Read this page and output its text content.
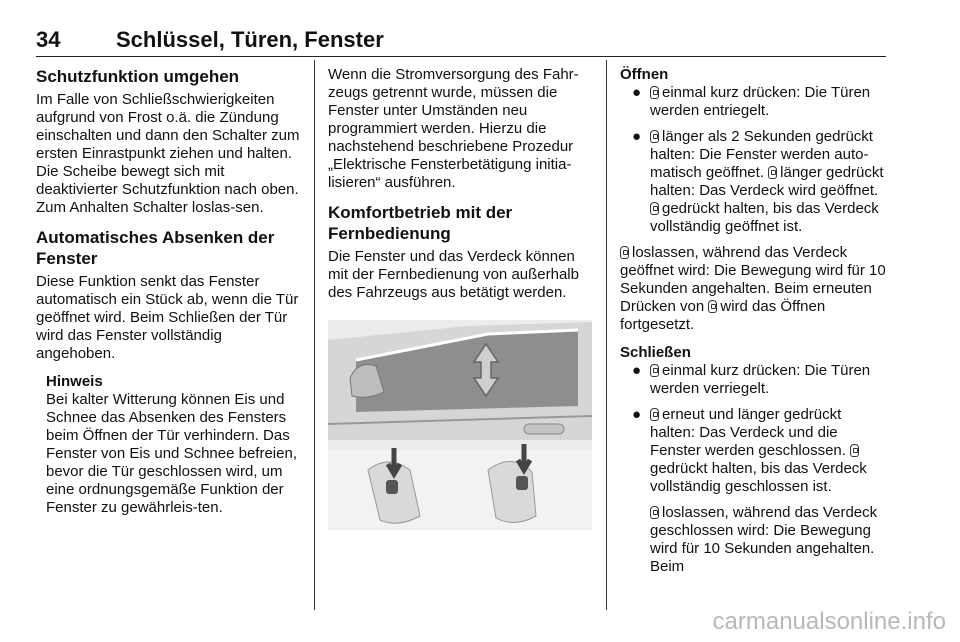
34	Schlüssel, Türen, Fenster
Schutzfunktion umgehen

Im Falle von Schließschwierigkeiten aufgrund von Frost o.ä. die Zündung einschalten und dann den Schalter zum ersten Einrastpunkt ziehen und halten. Die Scheibe bewegt sich mit deaktivierter Schutzfunktion nach oben. Zum Anhalten Schalter loslas-sen.

Automatisches Absenken der Fenster

Diese Funktion senkt das Fenster automatisch ein Stück ab, wenn die Tür geöffnet wird. Beim Schließen der Tür wird das Fenster vollständig angehoben.

Hinweis
Bei kalter Witterung können Eis und Schnee das Absenken des Fensters beim Öffnen der Tür verhindern. Das Fenster von Eis und Schnee befreien, bevor die Tür geschlossen wird, um eine ordnungsgemäße Funktion der Fenster zu gewährleis-ten.

Wenn die Stromversorgung des Fahr-zeugs getrennt wurde, müssen die Fenster unter Umständen neu programmiert werden. Hierzu die nachstehend beschriebene Prozedur „Elektrische Fensterbetätigung initia-lisieren“ ausführen.

Komfortbetrieb mit der Fernbedienung

Die Fenster und das Verdeck können mit der Fernbedienung von außerhalb des Fahrzeugs aus betätigt werden.

Öffnen
● einmal kurz drücken: Die Türen werden entriegelt.
● länger als 2 Sekunden gedrückt halten: Die Fenster werden auto-matisch geöffnet. länger gedrückt halten: Das Verdeck wird geöffnet. gedrückt halten, bis das Verdeck vollständig geöffnet ist.

loslassen, während das Verdeck geöffnet wird: Die Bewegung wird für 10 Sekunden angehalten. Beim erneuten Drücken von wird das Öffnen fortgesetzt.

Schließen
● einmal kurz drücken: Die Türen werden verriegelt.
● erneut und länger gedrückt halten: Das Verdeck und die Fenster werden geschlossen. gedrückt halten, bis das Verdeck vollständig geschlossen ist.

loslassen, während das Verdeck geschlossen wird: Die Bewegung wird für 10 Sekunden angehalten. Beim

carmanualsonline.info
